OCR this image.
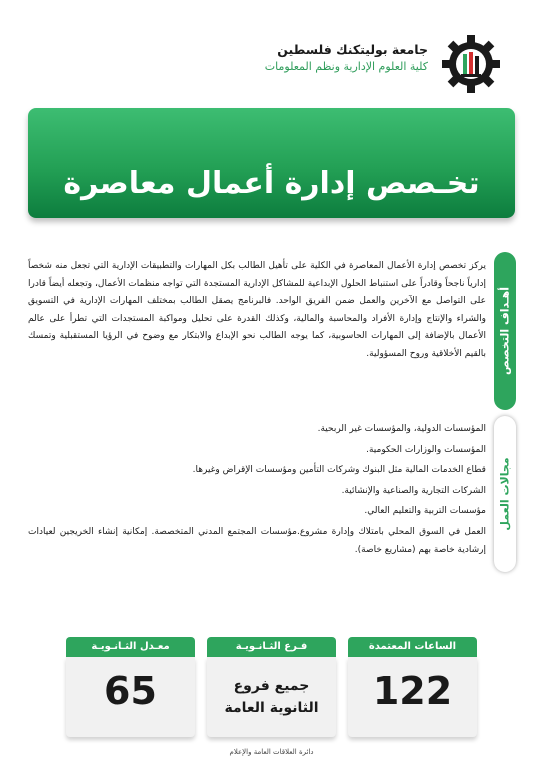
جامعة بوليتكنك فلسطين
كلية العلوم الإدارية ونظم المعلومات
تخـصص إدارة أعمال معاصرة
أهـداف التخصص
يركز تخصص إدارة الأعمال المعاصرة في الكلية على تأهيل الطالب بكل المهارات والتطبيقات الإدارية التي تجعل منه شخصاً إدارياً ناجحاً وقادراً على استنباط الحلول الإبداعية للمشاكل الإدارية المستجدة التي تواجه منظمات الأعمال، وتجعله أيضاً قادرا على التواصل مع الآخرين والعمل ضمن الفريق الواحد. فالبرنامج يصقل الطالب بمختلف المهارات الإدارية في التسويق والشراء والإنتاج وإدارة الأفراد والمحاسبة والمالية، وكذلك القدرة على تحليل ومواكبة المستجدات التي تطرأ على عالم الأعمال بالإضافة إلى المهارات الحاسوبية، كما يوجه الطالب نحو الإبداع والابتكار مع وضوح في الرؤيا المستقبلية وتمسك بالقيم الأخلاقية وروح المسؤولية.
مجالات العمل
المؤسسات الدولية، والمؤسسات غير الربحية.
المؤسسات والوزارات الحكومية.
قطاع الخدمات المالية مثل البنوك وشركات التأمين ومؤسسات الإقراض وغيرها.
الشركات التجارية والصناعية والإنشائية.
مؤسسات التربية والتعليم العالي.
العمل في السوق المحلي بامتلاك وإدارة مشروع.مؤسسات المجتمع المدني المتخصصة. إمكانية إنشاء الخريجين لعيادات إرشادية خاصة بهم (مشاريع خاصة).
الساعات المعتمدة
122
فـرع الثـانـويـة
جميع فروع
الثانوية العامة
معـدل الثـانـويـة
65
دائرة العلاقات العامة والإعلام
